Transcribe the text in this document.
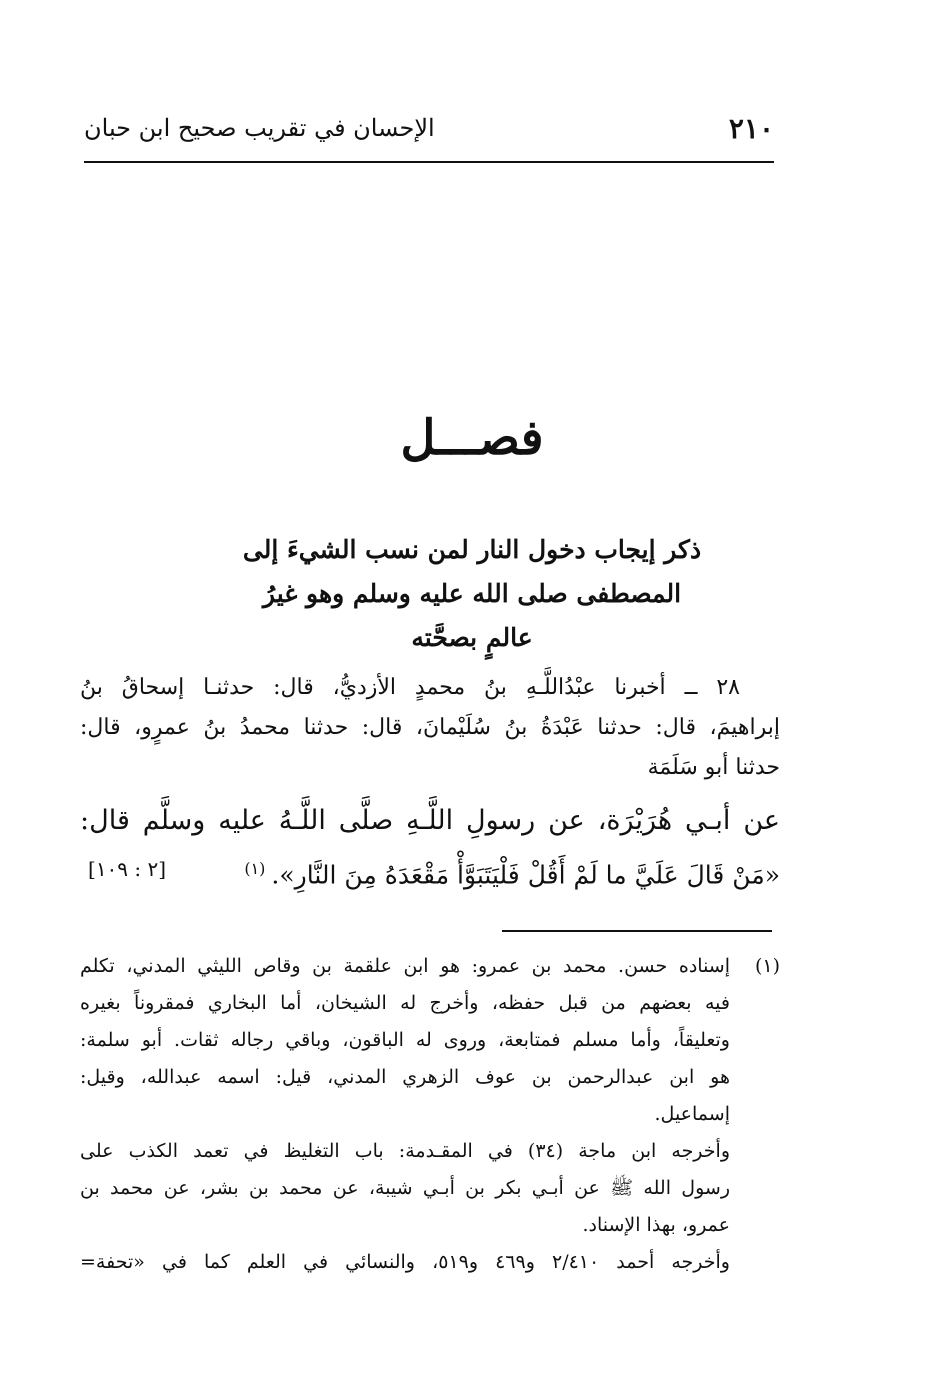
٢١٠
الإحسان في تقريب صحيح ابن حبان
فصـــل
ذكر إيجاب دخول النار لمن نسب الشيءَ إلى
المصطفى صلى الله عليه وسلم وهو غيرُ
عالمٍ بصحَّته
٢٨ ــ أخبرنا عبْدُاللَّـهِ بنُ محمدٍ الأزديُّ، قال: حدثنـا إسحاقُ بنُ
إبراهيمَ، قال: حدثنا عَبْدَةُ بنُ سُلَيْمانَ، قال: حدثنا محمدُ بنُ عمرٍو، قال:
حدثنا أبو سَلَمَة
عن أبـي هُرَيْرَة، عن رسولِ اللَّـهِ صلَّى اللَّـهُ عليه وسلَّم قال:
«مَنْ قَالَ عَلَيَّ ما لَمْ أَقُلْ فَلْيَتَبَوَّأْ مَقْعَدَهُ مِنَ النَّارِ».$^{(١)}$
[٢ : ١٠٩]
(١)
إسناده حسن. محمد بن عمرو: هو ابن علقمة بن وقاص الليثي المدني، تكلم
فيه بعضهم من قبل حفظه، وأخرج له الشيخان، أما البخاري فمقروناً بغيره
وتعليقاً، وأما مسلم فمتابعة، وروى له الباقون، وباقي رجاله ثقات. أبو سلمة:
هو ابن عبدالرحمن بن عوف الزهري المدني، قيل: اسمه عبدالله، وقيل:
إسماعيل.
وأخرجه ابن ماجة (٣٤) في المقـدمة: باب التغليظ في تعمد الكذب على
رسول الله ﷺ عن أبـي بكر بن أبـي شيبة، عن محمد بن بشر، عن محمد بن
عمرو، بهذا الإسناد.
وأخرجه أحمد ٢/٤١٠ و٤٦٩ و٥١٩، والنسائي في العلم كما في «تحفة=
